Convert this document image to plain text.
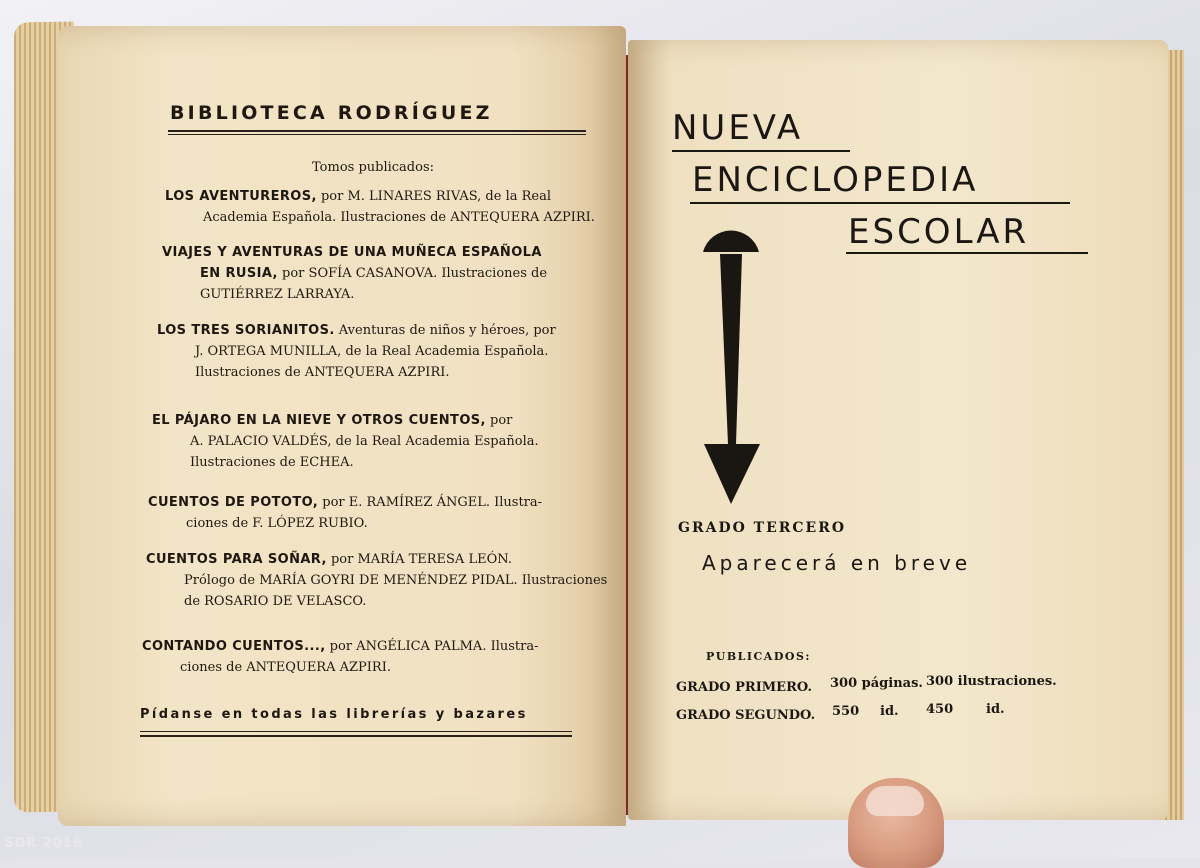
BIBLIOTECA RODRÍGUEZ
Tomos publicados:
LOS AVENTUREROS, por M. LINARES RIVAS, de la Real
Academia Española. Ilustraciones de ANTEQUERA AZPIRI.
VIAJES Y AVENTURAS DE UNA MUÑECA ESPAÑOLA
EN RUSIA, por SOFÍA CASANOVA. Ilustraciones de
GUTIÉRREZ LARRAYA.
LOS TRES SORIANITOS. Aventuras de niños y héroes, por
J. ORTEGA MUNILLA, de la Real Academia Española.
Ilustraciones de ANTEQUERA AZPIRI.
EL PÁJARO EN LA NIEVE Y OTROS CUENTOS, por
A. PALACIO VALDÉS, de la Real Academia Española.
Ilustraciones de ECHEA.
CUENTOS DE POTOTO, por E. RAMÍREZ ÁNGEL. Ilustra-
ciones de F. LÓPEZ RUBIO.
CUENTOS PARA SOÑAR, por MARÍA TERESA LEÓN.
Prólogo de MARÍA GOYRI DE MENÉNDEZ PIDAL. Ilustraciones
de ROSARIO DE VELASCO.
CONTANDO CUENTOS..., por ANGÉLICA PALMA. Ilustra-
ciones de ANTEQUERA AZPIRI.
Pídanse en todas las librerías y bazares
NUEVA
ENCICLOPEDIA
ESCOLAR
GRADO TERCERO
Aparecerá en breve
PUBLICADOS:
GRADO PRIMERO. 300 páginas. 300 ilustraciones.
GRADO SEGUNDO. 550 id. 450	id.
SDR 2016
